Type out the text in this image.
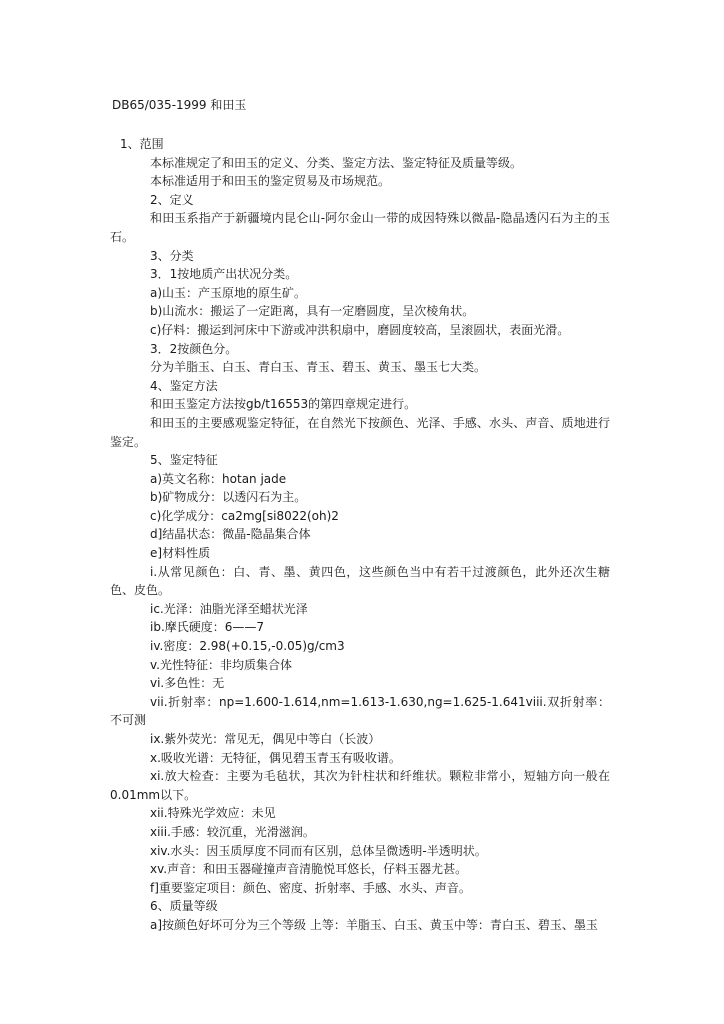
DB65/035-1999 和田玉

1、范围

本标准规定了和田玉的定义、分类、鉴定方法、鉴定特征及质量等级。

本标准适用于和田玉的鉴定贸易及市场规范。

2、定义

和田玉系指产于新疆境内昆仑山-阿尔金山一带的成因特殊以微晶-隐晶透闪石为主的玉石。

3、分类

3．1按地质产出状况分类。

a)山玉：产玉原地的原生矿。

b)山流水：搬运了一定距离，具有一定磨圆度，呈次棱角状。

c)仔料：搬运到河床中下游或冲洪积扇中，磨圆度较高，呈滚圆状，表面光滑。

3．2按颜色分。

分为羊脂玉、白玉、青白玉、青玉、碧玉、黄玉、墨玉七大类。

4、鉴定方法

和田玉鉴定方法按gb/t16553的第四章规定进行。

和田玉的主要感观鉴定特征，在自然光下按颜色、光泽、手感、水头、声音、质地进行鉴定。

5、鉴定特征

a)英文名称：hotan jade

b)矿物成分：以透闪石为主。

c)化学成分：ca2mg[si8022(oh)2

d]结晶状态：微晶-隐晶集合体

e]材料性质

i.从常见颜色：白、青、墨、黄四色，这些颜色当中有若干过渡颜色，此外还次生糖色、皮色。

ic.光泽：油脂光泽至蜡状光泽

ib.摩氏硬度：6——7

iv.密度：2.98(+0.15,-0.05)g/cm3

v.光性特征：非均质集合体

vi.多色性：无

vii.折射率：np=1.600-1.614,nm=1.613-1.630,ng=1.625-1.641viii.双折射率：不可测

ix.紫外荧光：常见无，偶见中等白（长波）

x.吸收光谱：无特征，偶见碧玉青玉有吸收谱。

xi.放大检查：主要为毛毡状，其次为针柱状和纤维状。颗粒非常小，短轴方向一般在0.01mm以下。

xii.特殊光学效应：未见

xiii.手感：较沉重，光滑滋润。

xiv.水头：因玉质厚度不同而有区别，总体呈微透明-半透明状。

xv.声音：和田玉器碰撞声音清脆悦耳悠长，仔料玉器尤甚。

f]重要鉴定项目：颜色、密度、折射率、手感、水头、声音。

6、质量等级

a]按颜色好坏可分为三个等级 上等：羊脂玉、白玉、黄玉中等：青白玉、碧玉、墨玉
